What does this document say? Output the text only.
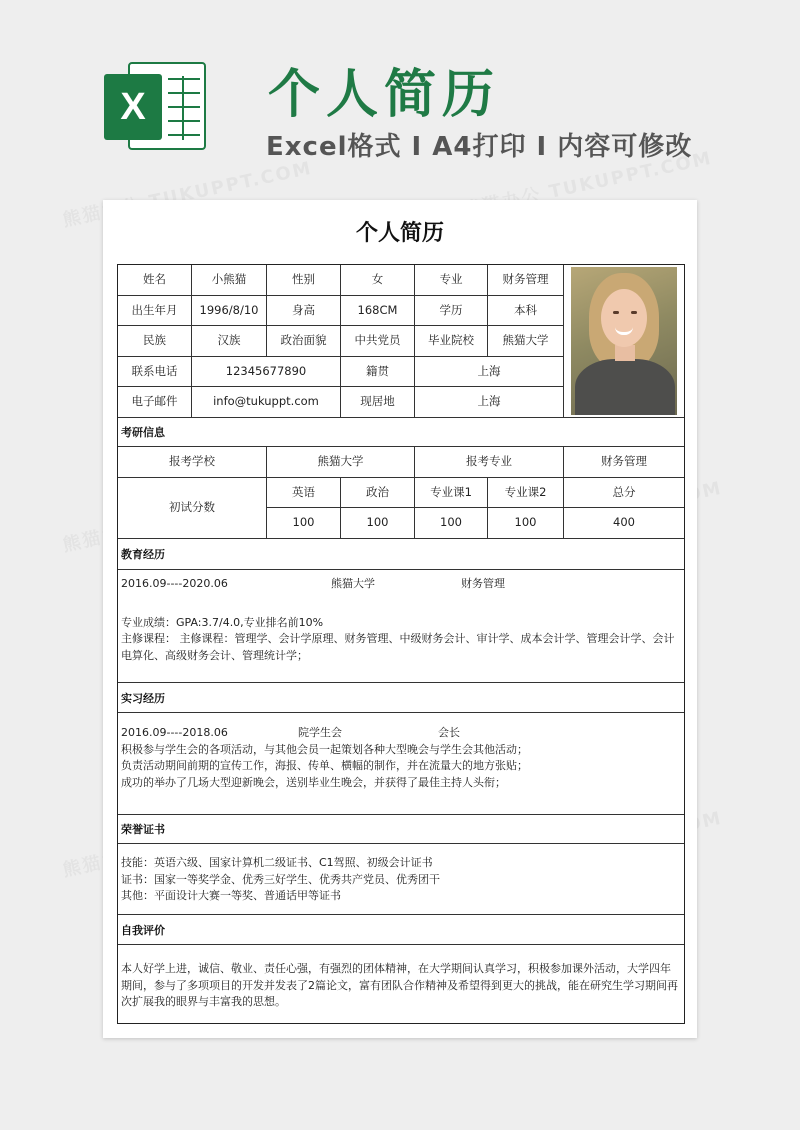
X	个人简历
Excel格式 I A4打印 I 内容可修改
个人简历
姓名	小熊猫	性别	女	专业	财务管理
出生年月	1996/8/10	身高	168CM	学历	本科
民族	汉族	政治面貌	中共党员	毕业院校	熊猫大学
联系电话	12345677890	籍贯	上海
电子邮件	info@tukuppt.com	现居地	上海
考研信息
报考学校	熊猫大学	报考专业	财务管理
初试分数
英语	政治	专业课1	专业课2	总分
100	100	100	100	400
教育经历
2016.09----2020.06	熊猫大学	财务管理
专业成绩：GPA:3.7/4.0,专业排名前10%
主修课程： 主修课程：管理学、会计学原理、财务管理、中级财务会计、审计学、成本会计学、管理会计学、会计电算化、高级财务会计、管理统计学；
实习经历
2016.09----2018.06	院学生会	会长
积极参与学生会的各项活动，与其他会员一起策划各种大型晚会与学生会其他活动；
负责活动期间前期的宣传工作，海报、传单、横幅的制作，并在流量大的地方张贴；
成功的举办了几场大型迎新晚会，送别毕业生晚会，并获得了最佳主持人头衔；
荣誉证书
技能：英语六级、国家计算机二级证书、C1驾照、初级会计证书
证书：国家一等奖学金、优秀三好学生、优秀共产党员、优秀团干
其他：平面设计大赛一等奖、普通话甲等证书
自我评价
本人好学上进，诚信、敬业、责任心强，有强烈的团体精神，在大学期间认真学习，积极参加课外活动，大学四年期间，参与了多项项目的开发并发表了2篇论文，富有团队合作精神及希望得到更大的挑战，能在研究生学习期间再次扩展我的眼界与丰富我的思想。
